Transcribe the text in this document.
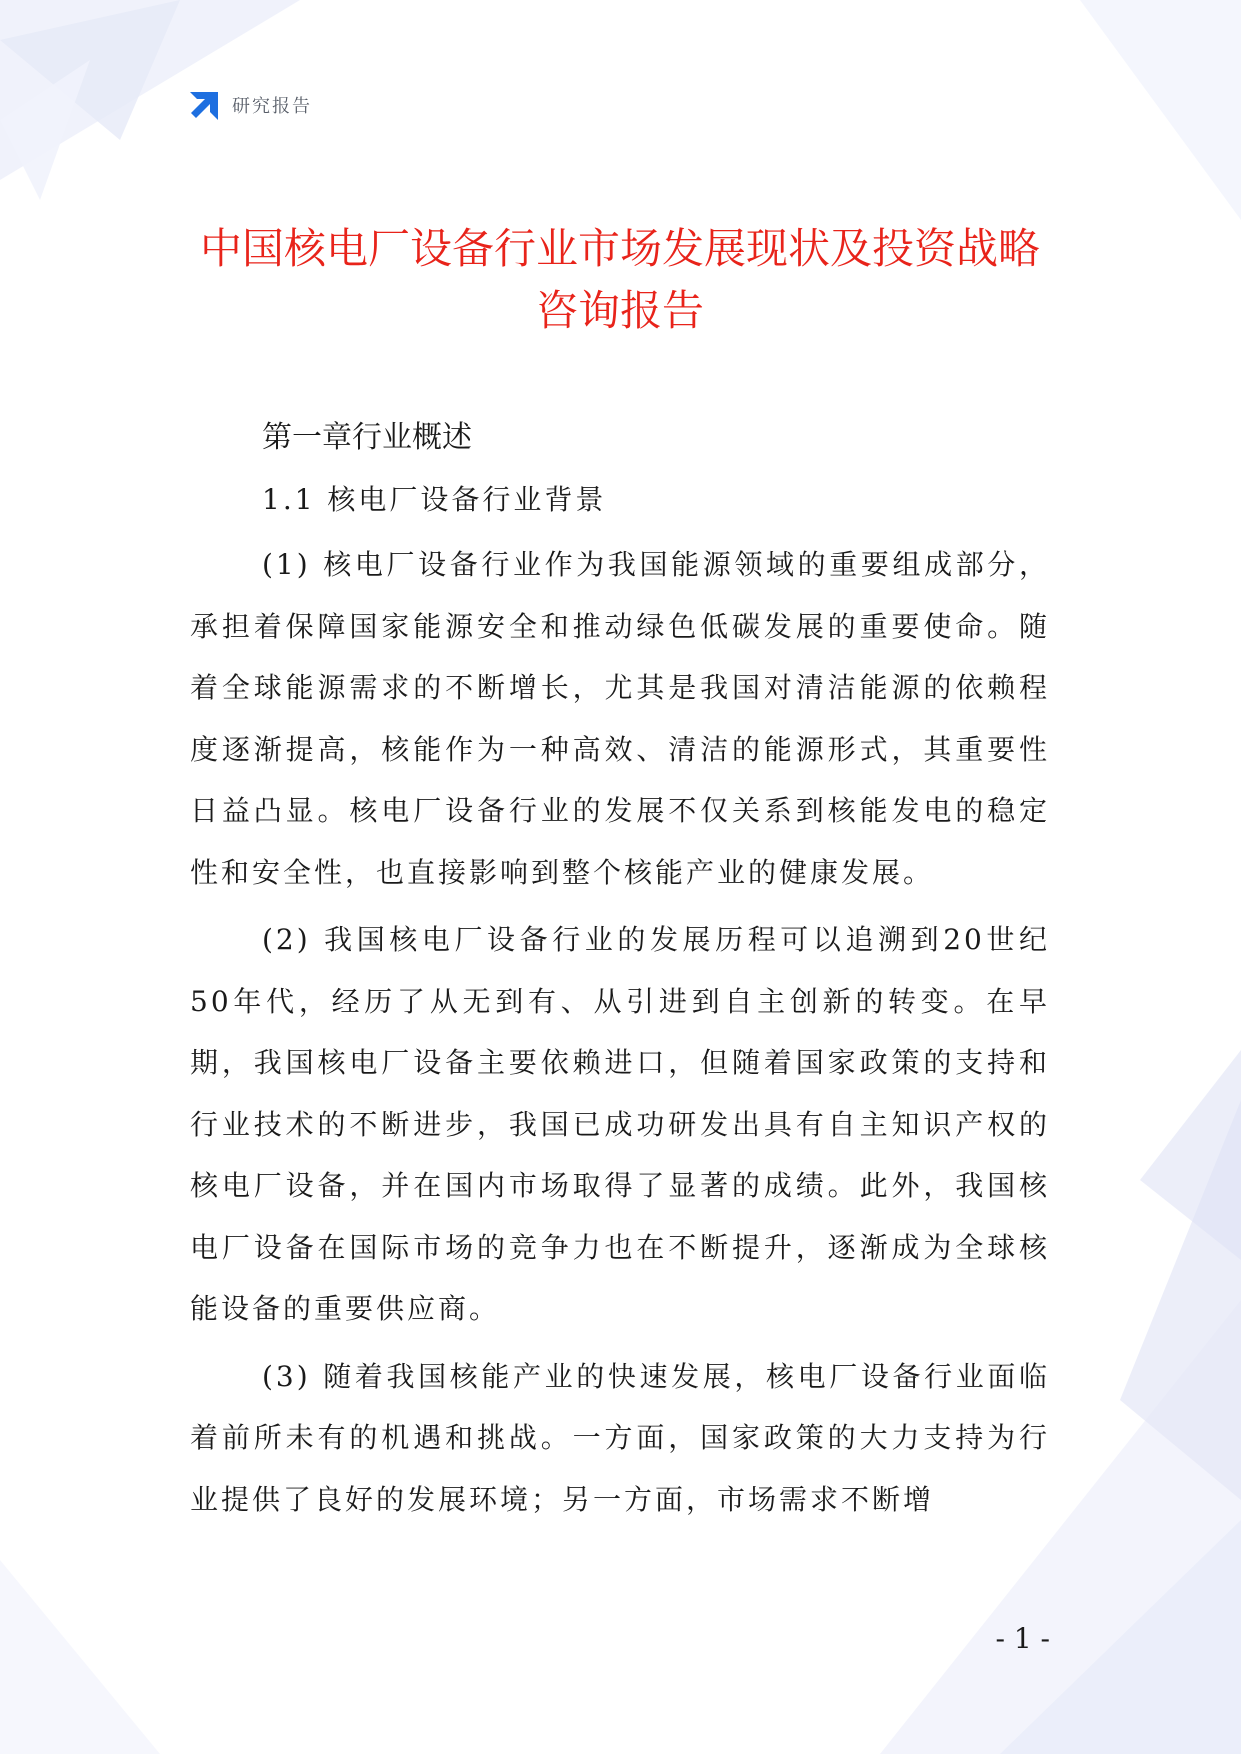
研究报告
中国核电厂设备行业市场发展现状及投资战略咨询报告
第一章行业概述
1.1 核电厂设备行业背景

(1) 核电厂设备行业作为我国能源领域的重要组成部分，承担着保障国家能源安全和推动绿色低碳发展的重要使命。随着全球能源需求的不断增长，尤其是我国对清洁能源的依赖程度逐渐提高，核能作为一种高效、清洁的能源形式，其重要性日益凸显。核电厂设备行业的发展不仅关系到核能发电的稳定性和安全性，也直接影响到整个核能产业的健康发展。

(2) 我国核电厂设备行业的发展历程可以追溯到20世纪50年代，经历了从无到有、从引进到自主创新的转变。在早期，我国核电厂设备主要依赖进口，但随着国家政策的支持和行业技术的不断进步，我国已成功研发出具有自主知识产权的核电厂设备，并在国内市场取得了显著的成绩。此外，我国核电厂设备在国际市场的竞争力也在不断提升，逐渐成为全球核能设备的重要供应商。

(3) 随着我国核能产业的快速发展，核电厂设备行业面临着前所未有的机遇和挑战。一方面，国家政策的大力支持为行业提供了良好的发展环境；另一方面，市场需求不断增

- 1 -
